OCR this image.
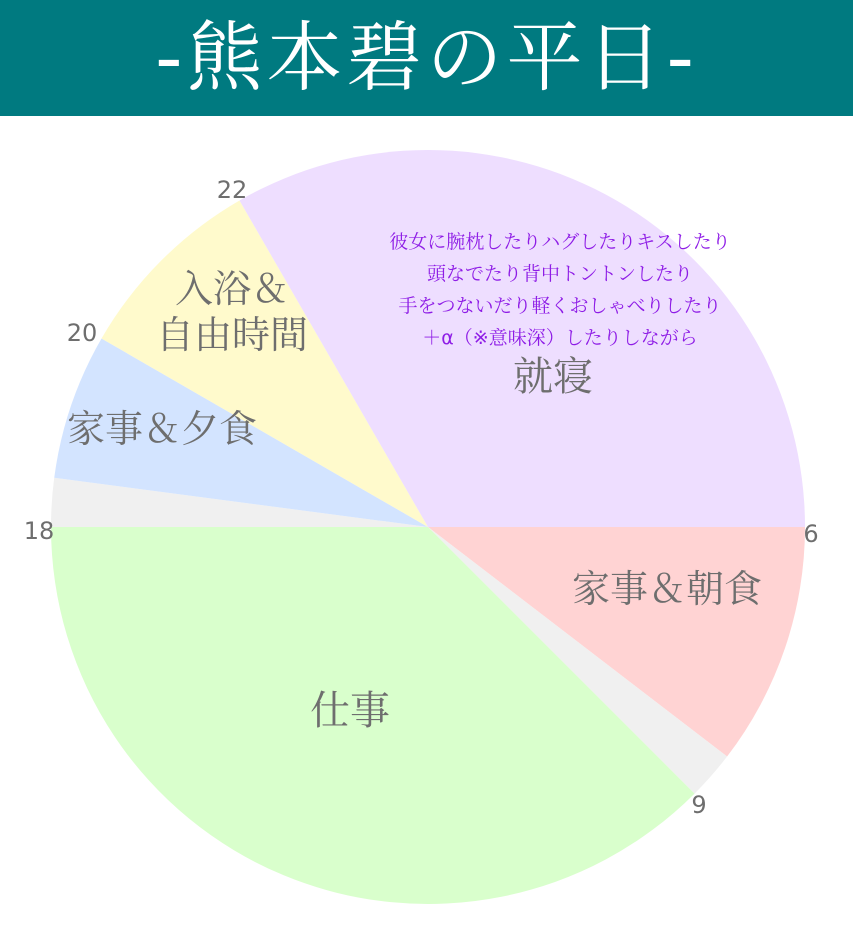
-熊本碧の平日-
家事＆朝食
仕事
家事＆夕食
入浴＆自由時間
就寝
6
9
18
20
22
彼女に腕枕したりハグしたりキスしたり
頭なでたり背中トントンしたり
手をつないだり軽くおしゃべりしたり
＋α（※意味深）したりしながら
